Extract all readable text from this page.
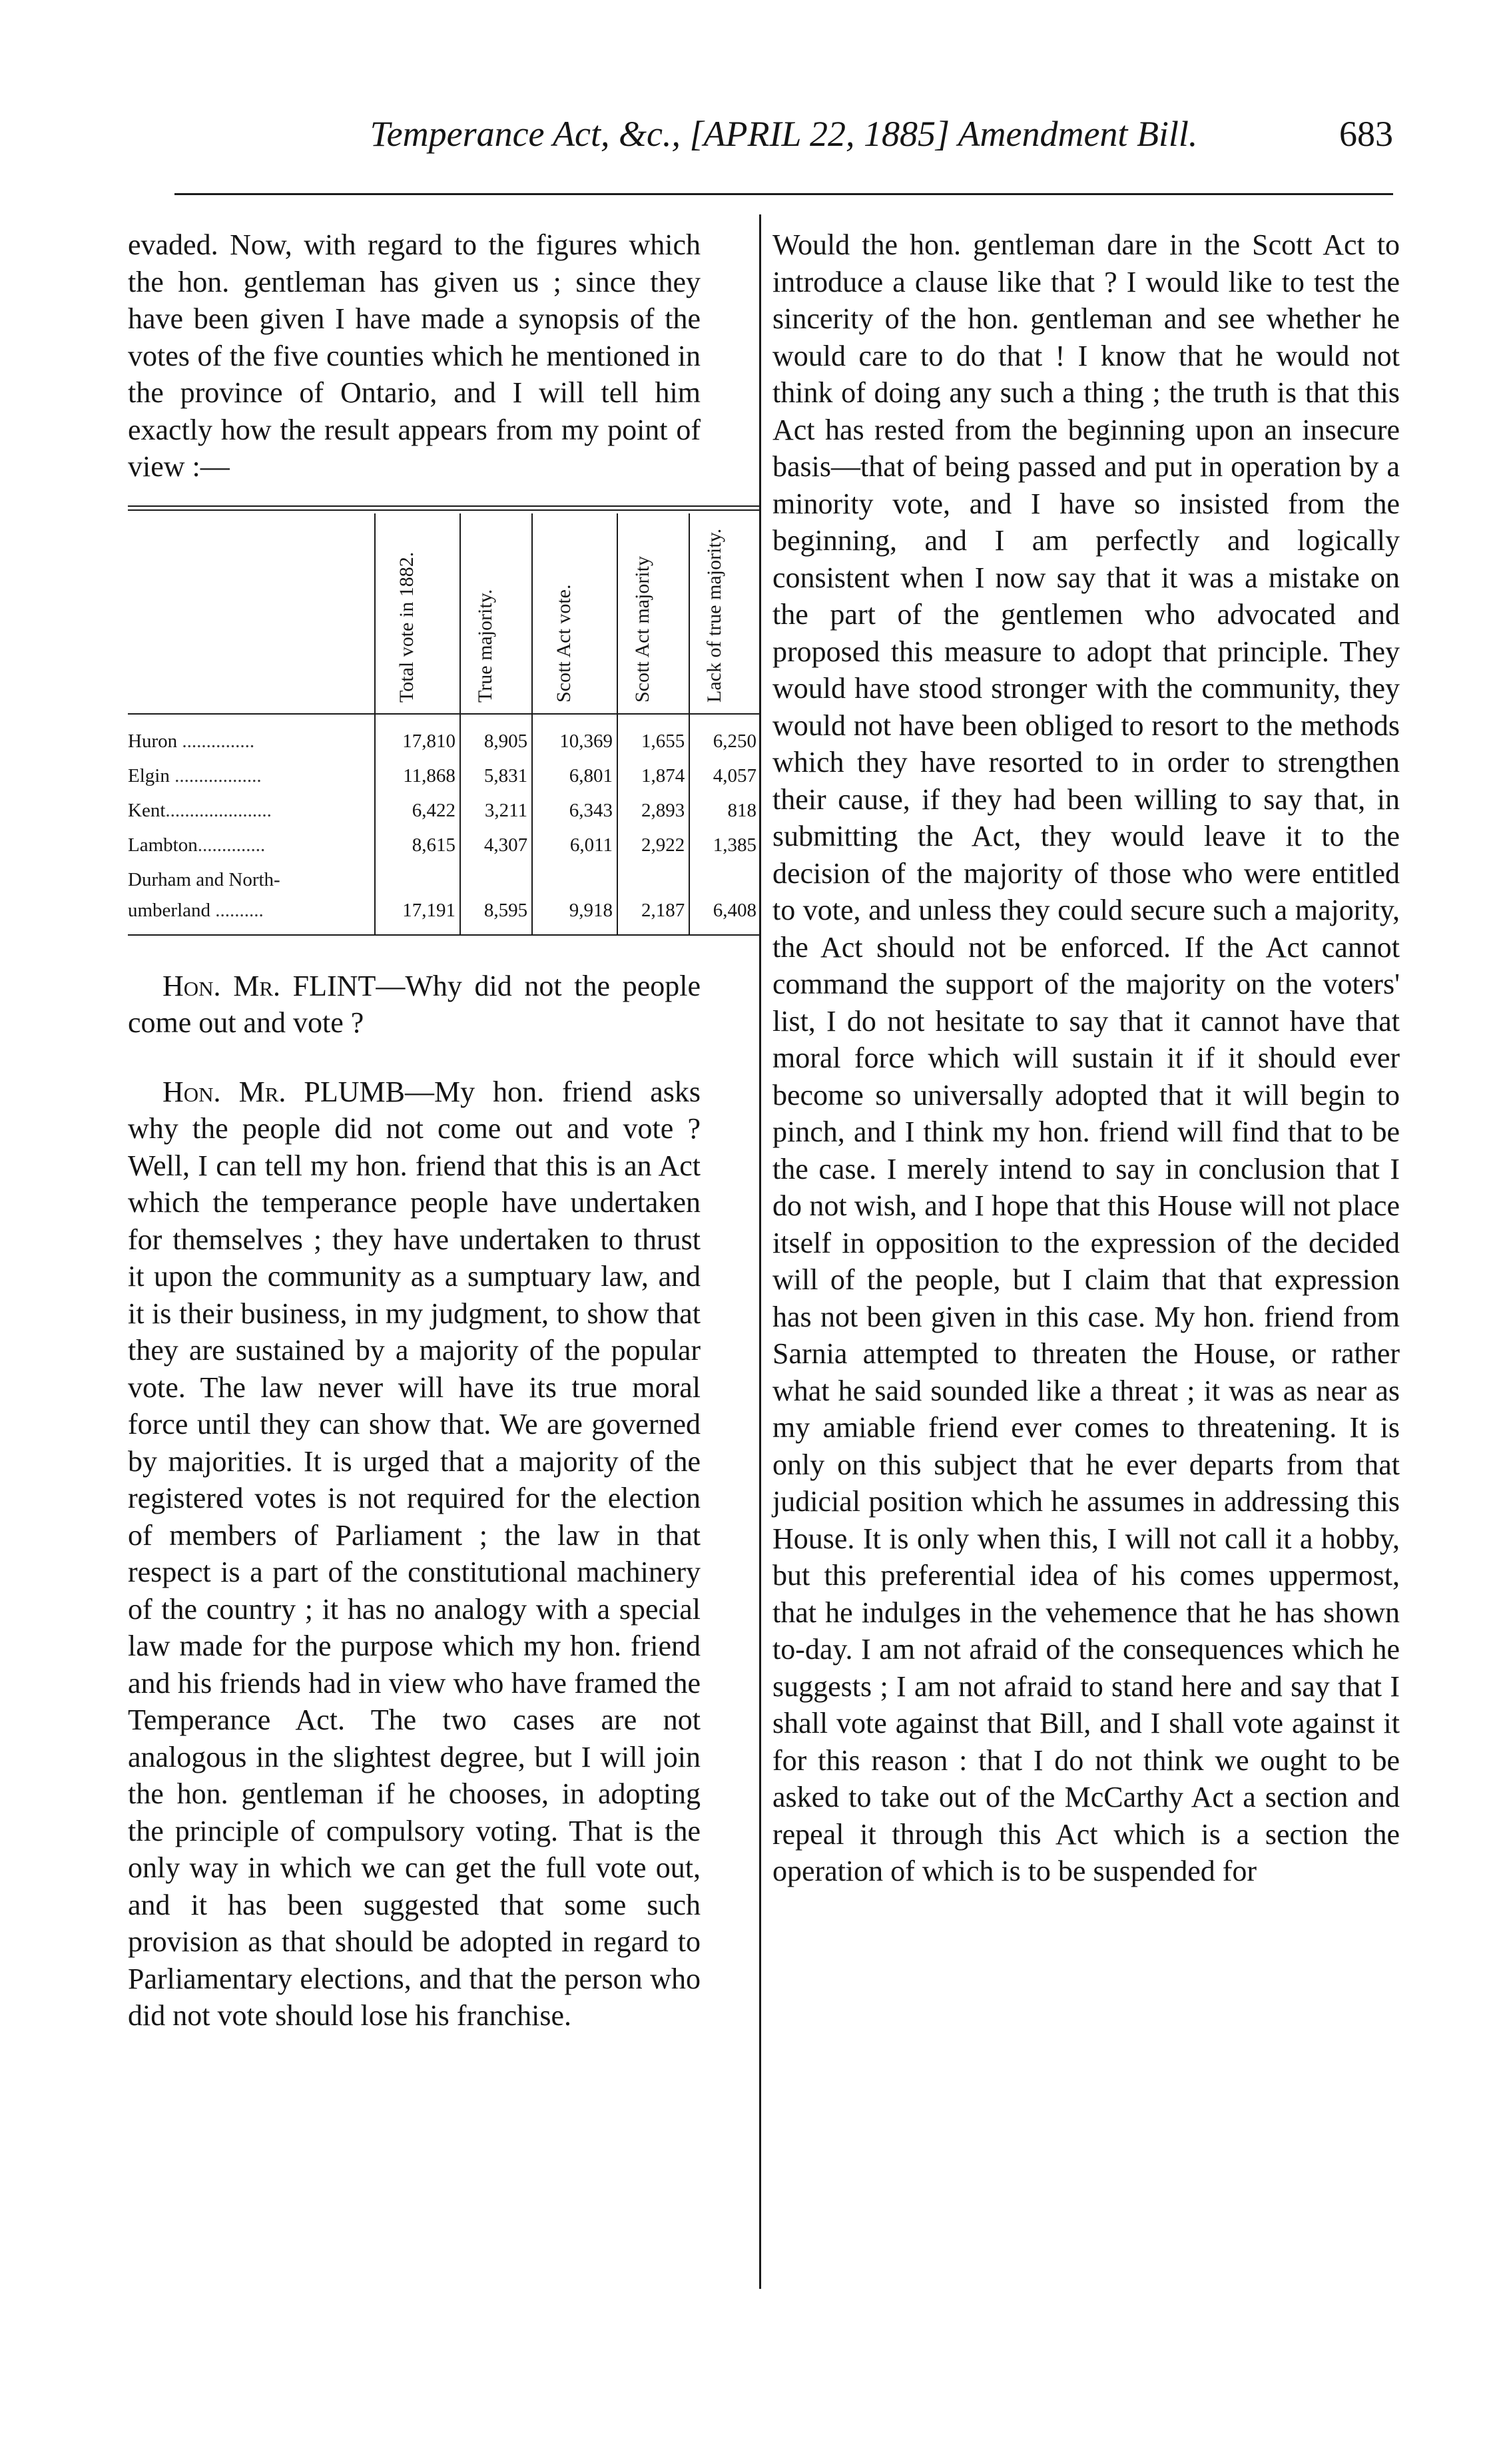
Temperance Act, &c., [APRIL 22, 1885] Amendment Bill.	683

evaded. Now, with regard to the figures which the hon. gentleman has given us ; since they have been given I have made a synopsis of the votes of the five counties which he mentioned in the province of Ontario, and I will tell him exactly how the result appears from my point of view :—

	Total vote in 1882.	True majority.	Scott Act vote.	Scott Act majority	Lack of true majority.

Huron ...............	17,810	8,905	10,369	1,655	6,250
Elgin ..................	11,868	5,831	6,801	1,874	4,057
Kent......................	6,422	3,211	6,343	2,893	818
Lambton..............	8,615	4,307	6,011	2,922	1,385
Durham and North-					
umberland ..........	17,191	8,595	9,918	2,187	6,408

Hon. Mr. FLINT—Why did not the people come out and vote ?

Hon. Mr. PLUMB—My hon. friend asks why the people did not come out and vote ? Well, I can tell my hon. friend that this is an Act which the temperance people have undertaken for themselves ; they have undertaken to thrust it upon the community as a sumptuary law, and it is their business, in my judgment, to show that they are sustained by a majority of the popular vote. The law never will have its true moral force until they can show that. We are governed by majorities. It is urged that a majority of the registered votes is not required for the election of members of Parliament ; the law in that respect is a part of the constitutional machinery of the country ; it has no analogy with a special law made for the purpose which my hon. friend and his friends had in view who have framed the Temperance Act. The two cases are not analogous in the slightest degree, but I will join the hon. gentleman if he chooses, in adopting the principle of compulsory voting. That is the only way in which we can get the full vote out, and it has been suggested that some such provision as that should be adopted in regard to Parliamentary elections, and that the person who did not vote should lose his franchise.

Would the hon. gentleman dare in the Scott Act to introduce a clause like that ? I would like to test the sincerity of the hon. gentleman and see whether he would care to do that ! I know that he would not think of doing any such a thing ; the truth is that this Act has rested from the beginning upon an insecure basis—that of being passed and put in operation by a minority vote, and I have so insisted from the beginning, and I am perfectly and logically consistent when I now say that it was a mistake on the part of the gentlemen who advocated and proposed this measure to adopt that principle. They would have stood stronger with the community, they would not have been obliged to resort to the methods which they have resorted to in order to strengthen their cause, if they had been willing to say that, in submitting the Act, they would leave it to the decision of the majority of those who were entitled to vote, and unless they could secure such a majority, the Act should not be enforced. If the Act cannot command the support of the majority on the voters' list, I do not hesitate to say that it cannot have that moral force which will sustain it if it should ever become so universally adopted that it will begin to pinch, and I think my hon. friend will find that to be the case. I merely intend to say in conclusion that I do not wish, and I hope that this House will not place itself in opposition to the expression of the decided will of the people, but I claim that that expression has not been given in this case. My hon. friend from Sarnia attempted to threaten the House, or rather what he said sounded like a threat ; it was as near as my amiable friend ever comes to threatening. It is only on this subject that he ever departs from that judicial position which he assumes in addressing this House. It is only when this, I will not call it a hobby, but this preferential idea of his comes uppermost, that he indulges in the vehemence that he has shown to-day. I am not afraid of the consequences which he suggests ; I am not afraid to stand here and say that I shall vote against that Bill, and I shall vote against it for this reason : that I do not think we ought to be asked to take out of the McCarthy Act a section and repeal it through this Act which is a section the operation of which is to be suspended for
